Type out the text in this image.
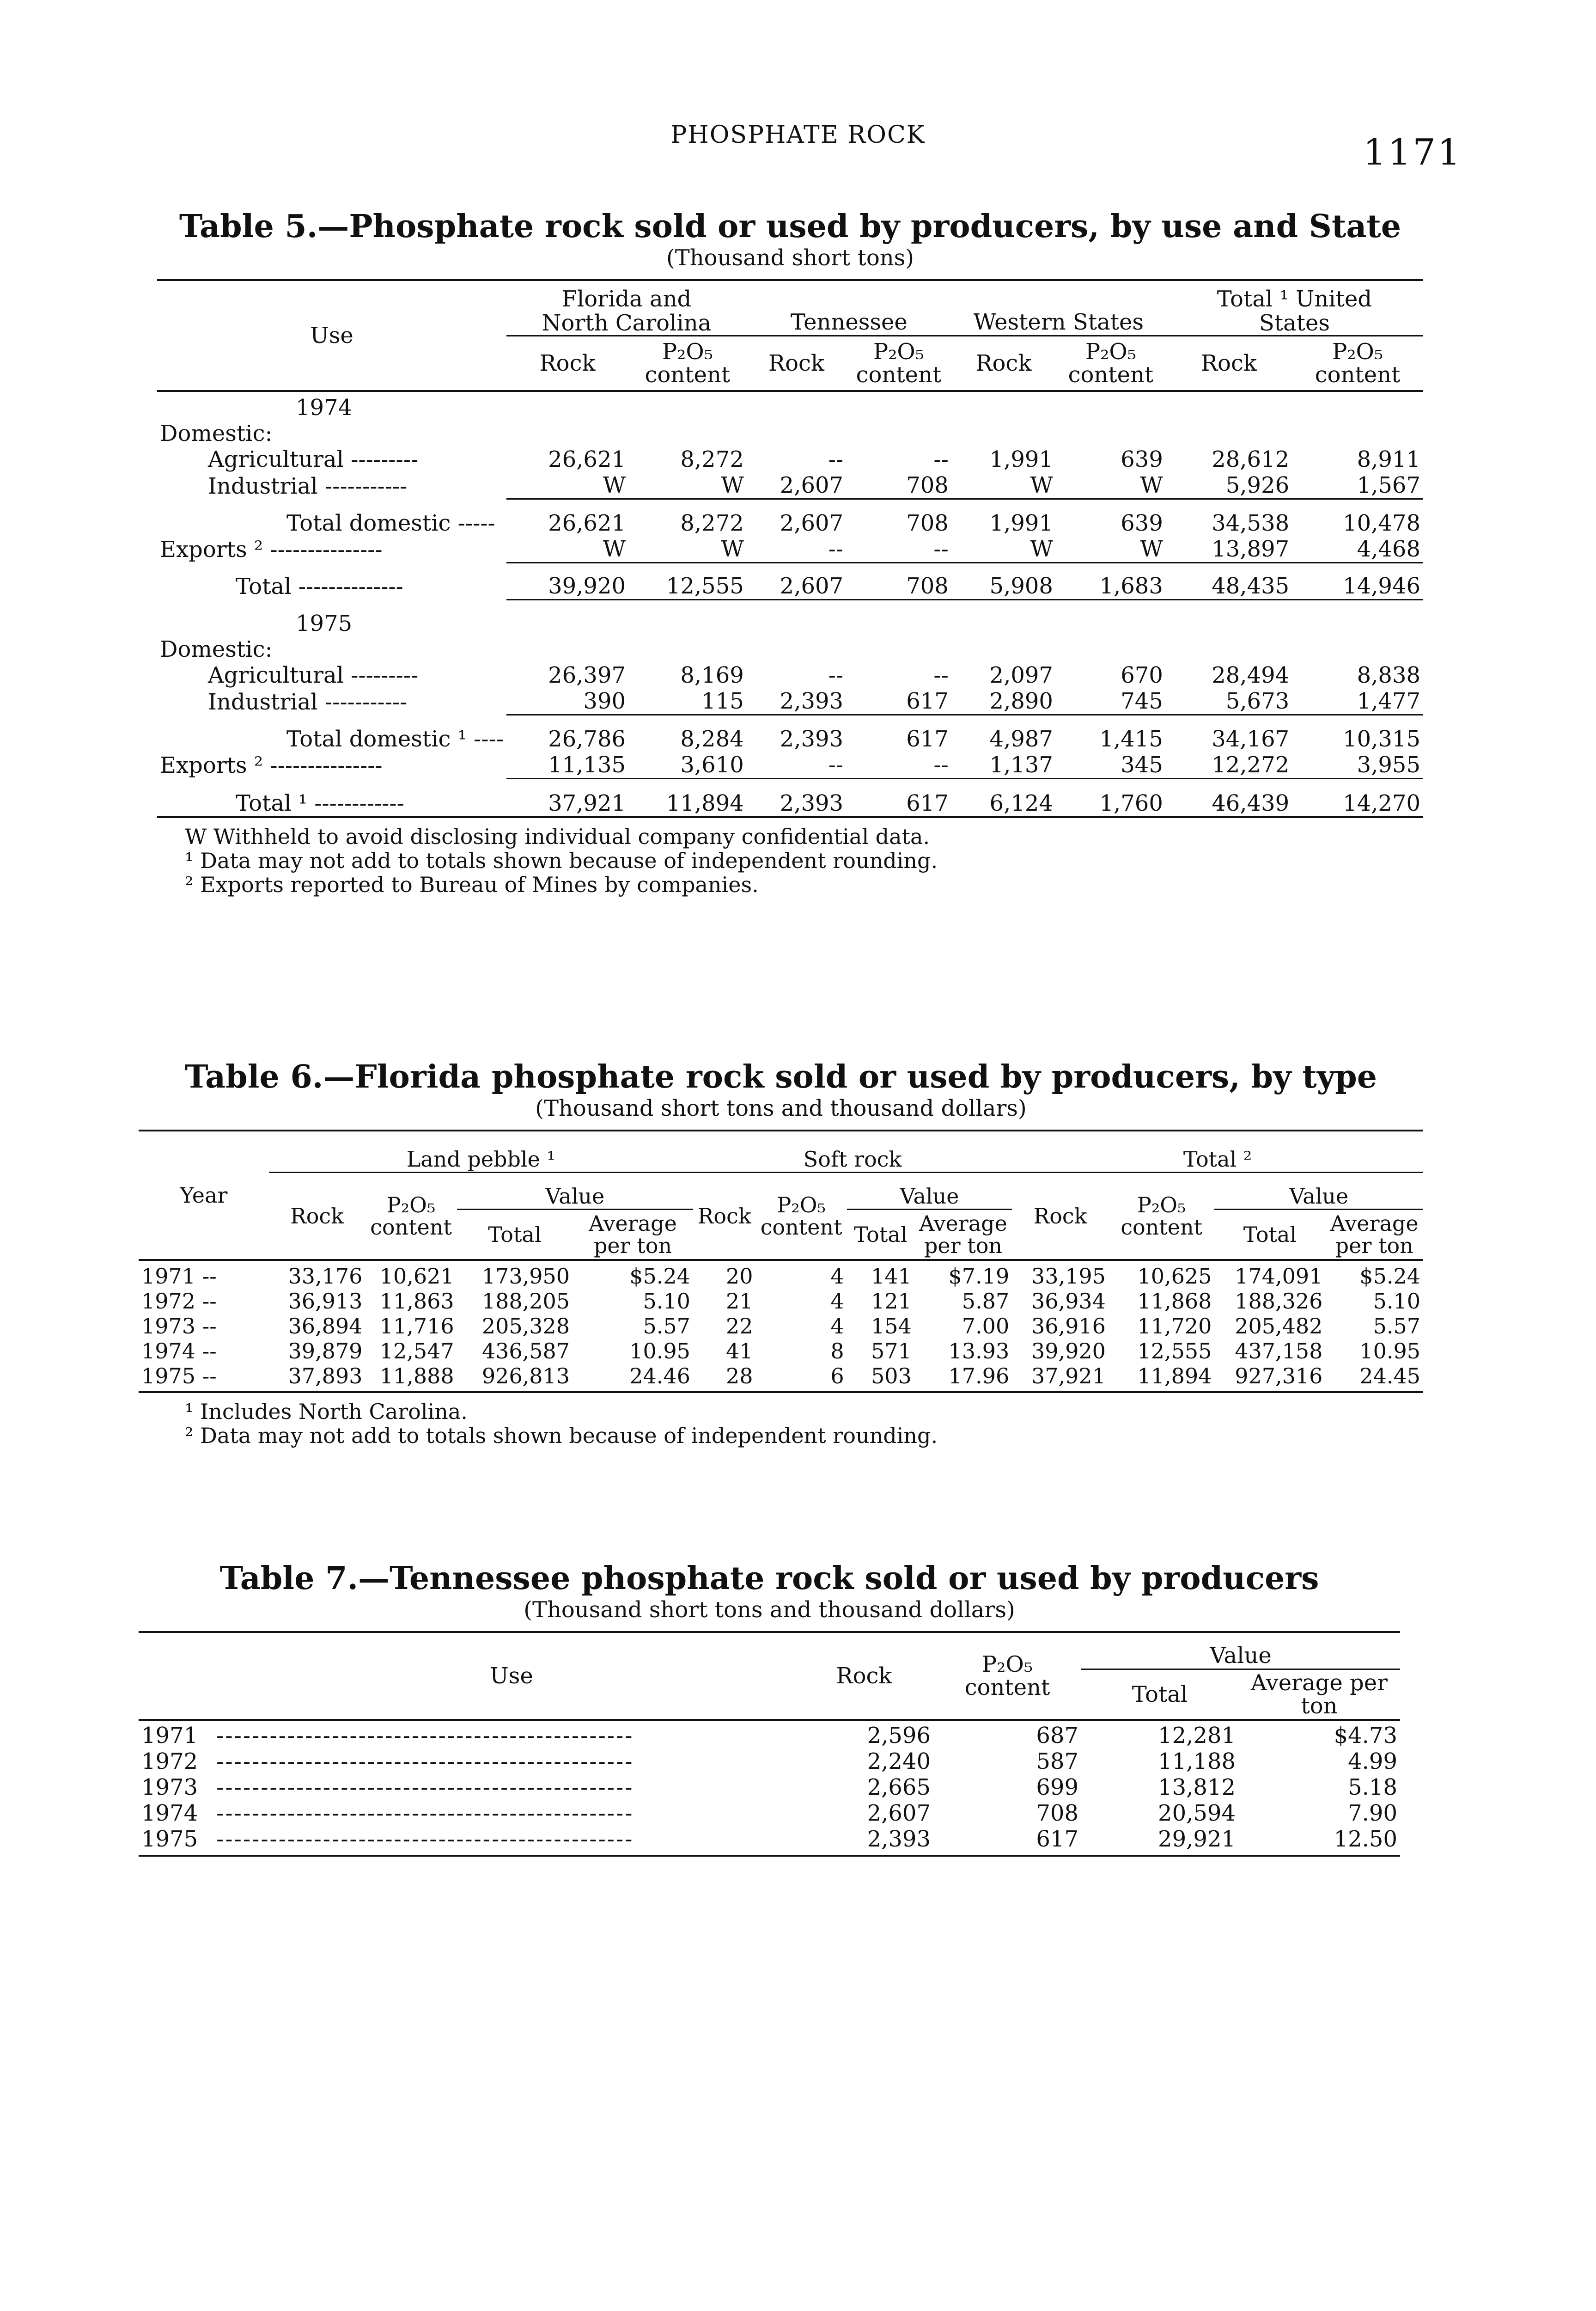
PHOSPHATE ROCK	1171
Table 5.—Phosphate rock sold or used by producers, by use and State
(Thousand short tons)
Use	Florida and North Carolina		Tennessee		Western States		Total ¹ United States	
	Rock	P₂O₅ content	Rock	P₂O₅ content	Rock	P₂O₅ content	Rock	P₂O₅ content
1974								
Domestic:								
Agricultural ---------	26,621	8,272	--	--	1,991	639	28,612	8,911
Industrial -----------	W	W	2,607	708	W	W	5,926	1,567
Total domestic -----	26,621	8,272	2,607	708	1,991	639	34,538	10,478
Exports ² ---------------	W	W	--	--	W	W	13,897	4,468
Total --------------	39,920	12,555	2,607	708	5,908	1,683	48,435	14,946
1975								
Domestic:								
Agricultural ---------	26,397	8,169	--	--	2,097	670	28,494	8,838
Industrial -----------	390	115	2,393	617	2,890	745	5,673	1,477
Total domestic ¹ ----	26,786	8,284	2,393	617	4,987	1,415	34,167	10,315
Exports ² ---------------	11,135	3,610	--	--	1,137	345	12,272	3,955
Total ¹ ------------	37,921	11,894	2,393	617	6,124	1,760	46,439	14,270
W Withheld to avoid disclosing individual company confidential data.
¹ Data may not add to totals shown because of independent rounding.
² Exports reported to Bureau of Mines by companies.
Table 6.—Florida phosphate rock sold or used by producers, by type
(Thousand short tons and thousand dollars)
Year	Land pebble ¹				Soft rock				Total ²			
	Rock	P₂O₅ content	Value		Rock	P₂O₅ content	Value		Rock	P₂O₅ content	Value	
			Total	Average per ton			Total	Average per ton			Total	Average per ton
1971 --	33,176	10,621	173,950	$5.24	20	4	141	$7.19	33,195	10,625	174,091	$5.24
1972 --	36,913	11,863	188,205	5.10	21	4	121	5.87	36,934	11,868	188,326	5.10
1973 --	36,894	11,716	205,328	5.57	22	4	154	7.00	36,916	11,720	205,482	5.57
1974 --	39,879	12,547	436,587	10.95	41	8	571	13.93	39,920	12,555	437,158	10.95
1975 --	37,893	11,888	926,813	24.46	28	6	503	17.96	37,921	11,894	927,316	24.45

¹ Includes North Carolina.
² Data may not add to totals shown because of independent rounding.
Table 7.—Tennessee phosphate rock sold or used by producers
(Thousand short tons and thousand dollars)
Use	Rock	P₂O₅ content	Value	
			Total	Average per ton
1971 -----------------------------------------------	2,596	687	12,281	$4.73
1972 -----------------------------------------------	2,240	587	11,188	4.99
1973 -----------------------------------------------	2,665	699	13,812	5.18
1974 -----------------------------------------------	2,607	708	20,594	7.90
1975 -----------------------------------------------	2,393	617	29,921	12.50
